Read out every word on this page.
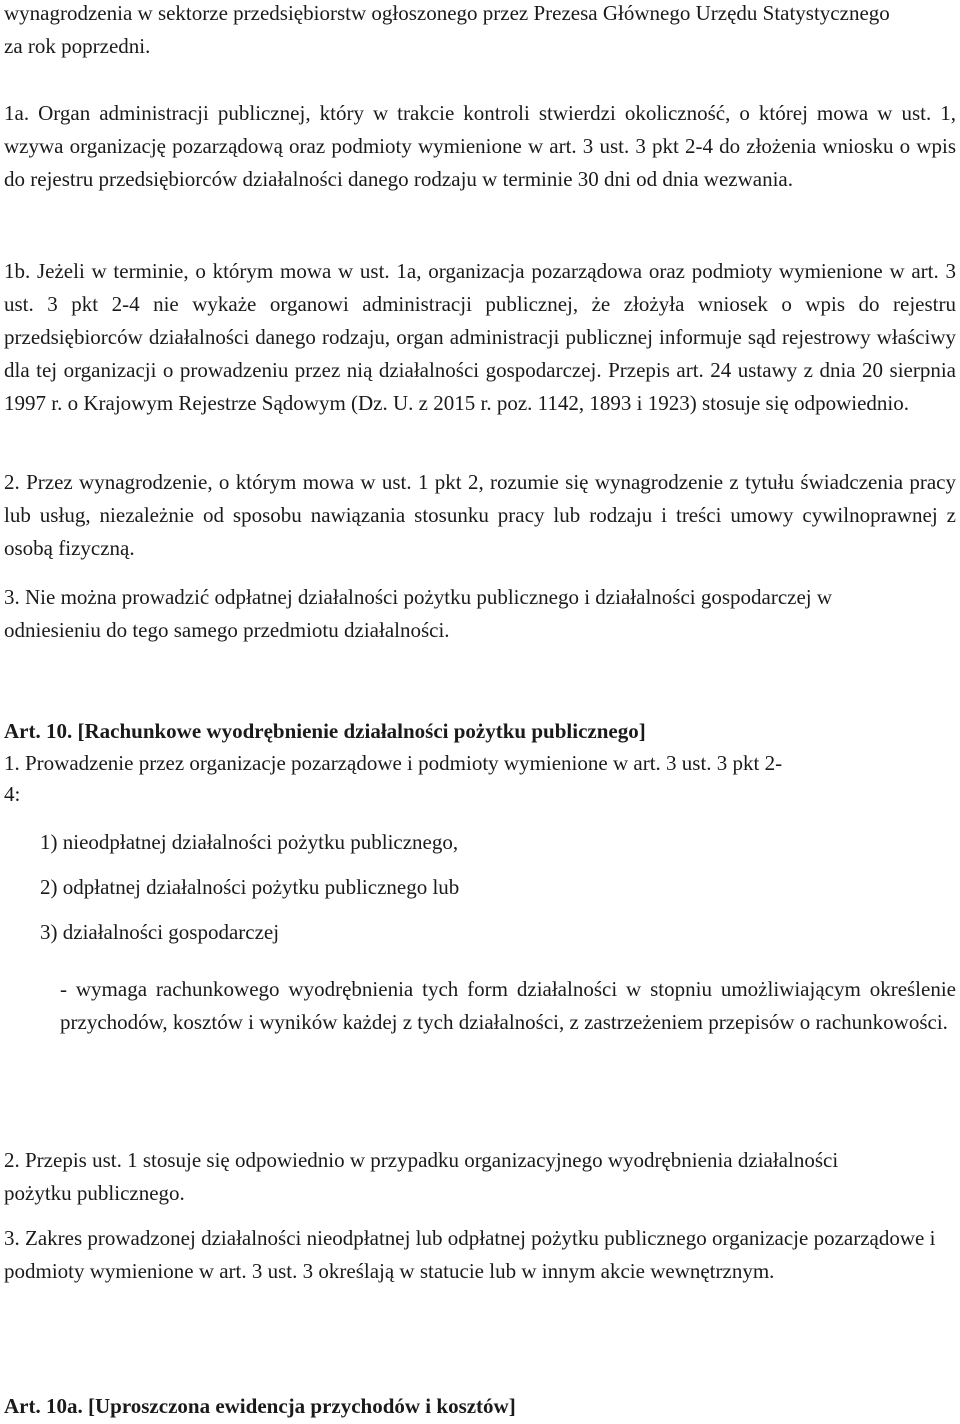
wynagrodzenia w sektorze przedsiębiorstw ogłoszonego przez Prezesa Głównego Urzędu Statystycznego za rok poprzedni.

1a. Organ administracji publicznej, który w trakcie kontroli stwierdzi okoliczność, o której mowa w ust. 1, wzywa organizację pozarządową oraz podmioty wymienione w art. 3 ust. 3 pkt 2-4 do złożenia wniosku o wpis do rejestru przedsiębiorców działalności danego rodzaju w terminie 30 dni od dnia wezwania.

1b. Jeżeli w terminie, o którym mowa w ust. 1a, organizacja pozarządowa oraz podmioty wymienione w art. 3 ust. 3 pkt 2-4 nie wykaże organowi administracji publicznej, że złożyła wniosek o wpis do rejestru przedsiębiorców działalności danego rodzaju, organ administracji publicznej informuje sąd rejestrowy właściwy dla tej organizacji o prowadzeniu przez nią działalności gospodarczej. Przepis art. 24 ustawy z dnia 20 sierpnia 1997 r. o Krajowym Rejestrze Sądowym (Dz. U. z 2015 r. poz. 1142, 1893 i 1923) stosuje się odpowiednio.

2. Przez wynagrodzenie, o którym mowa w ust. 1 pkt 2, rozumie się wynagrodzenie z tytułu świadczenia pracy lub usług, niezależnie od sposobu nawiązania stosunku pracy lub rodzaju i treści umowy cywilnoprawnej z osobą fizyczną.

3. Nie można prowadzić odpłatnej działalności pożytku publicznego i działalności gospodarczej w odniesieniu do tego samego przedmiotu działalności.

Art. 10. [Rachunkowe wyodrębnienie działalności pożytku publicznego]

1. Prowadzenie przez organizacje pozarządowe i podmioty wymienione w art. 3 ust. 3 pkt 2-

4:

1) nieodpłatnej działalności pożytku publicznego,

2) odpłatnej działalności pożytku publicznego lub

3) działalności gospodarczej

- wymaga rachunkowego wyodrębnienia tych form działalności w stopniu umożliwiającym określenie przychodów, kosztów i wyników każdej z tych działalności, z zastrzeżeniem przepisów o rachunkowości.

2. Przepis ust. 1 stosuje się odpowiednio w przypadku organizacyjnego wyodrębnienia działalności pożytku publicznego.

3. Zakres prowadzonej działalności nieodpłatnej lub odpłatnej pożytku publicznego organizacje pozarządowe i podmioty wymienione w art. 3 ust. 3 określają w statucie lub w innym akcie wewnętrznym.

Art. 10a. [Uproszczona ewidencja przychodów i kosztów]
